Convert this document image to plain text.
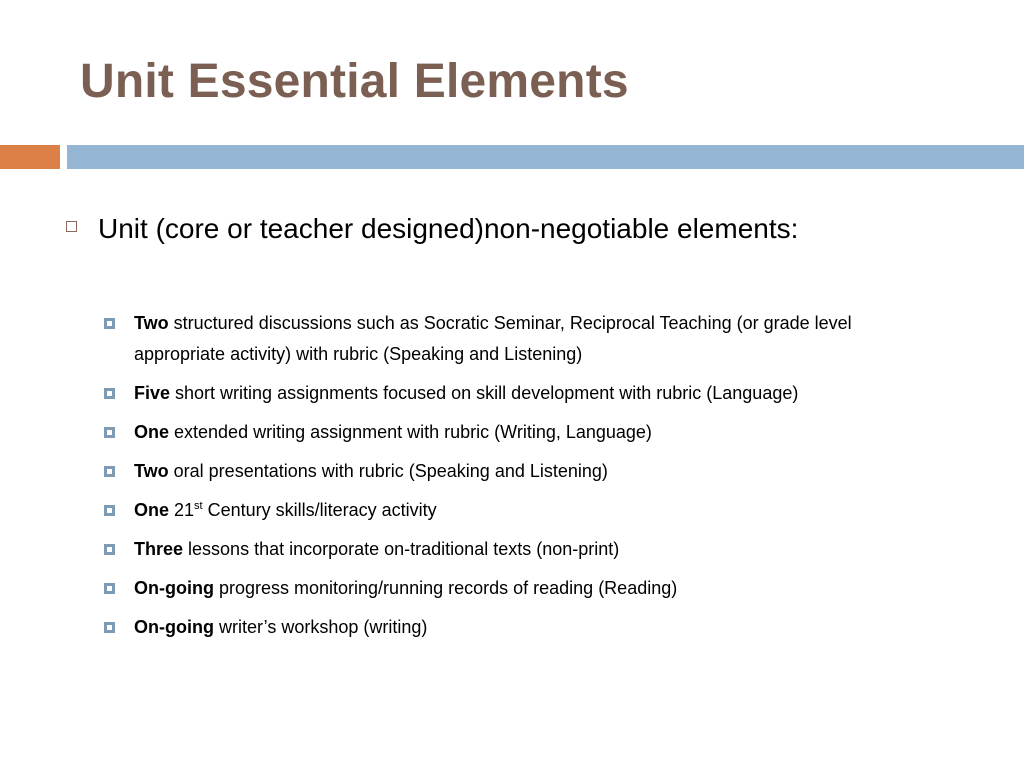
Unit Essential Elements
Unit (core or teacher designed)non-negotiable elements:
Two structured discussions such as Socratic Seminar, Reciprocal Teaching (or grade level appropriate activity) with rubric (Speaking and Listening)
Five short writing assignments focused on skill development with rubric (Language)
One extended writing assignment with rubric (Writing, Language)
Two oral presentations with rubric (Speaking and Listening)
One 21st Century skills/literacy activity
Three lessons that incorporate on-traditional texts (non-print)
On-going progress monitoring/running records of reading (Reading)
On-going writer’s workshop (writing)
